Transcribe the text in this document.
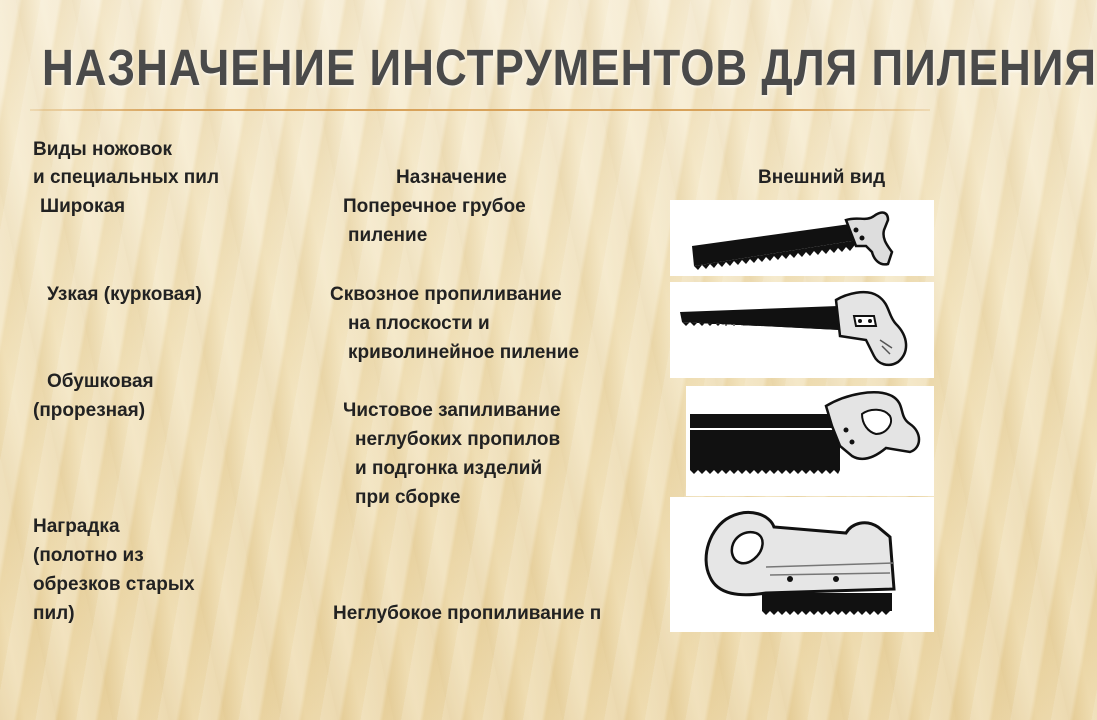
НАЗНАЧЕНИЕ ИНСТРУМЕНТОВ ДЛЯ ПИЛЕНИЯ
Виды ножовок
и специальных пил	Назначение	Внешний вид
Широкая	Поперечное грубое
пиление
Узкая (курковая)	Сквозное пропиливание
на плоскости и
криволинейное пиление
Обушковая
(прорезная)	Чистовое запиливание
неглубоких пропилов
и подгонка изделий
при сборке
Наградка
(полотно из
обрезков старых
пил)	Неглубокое пропиливание п
